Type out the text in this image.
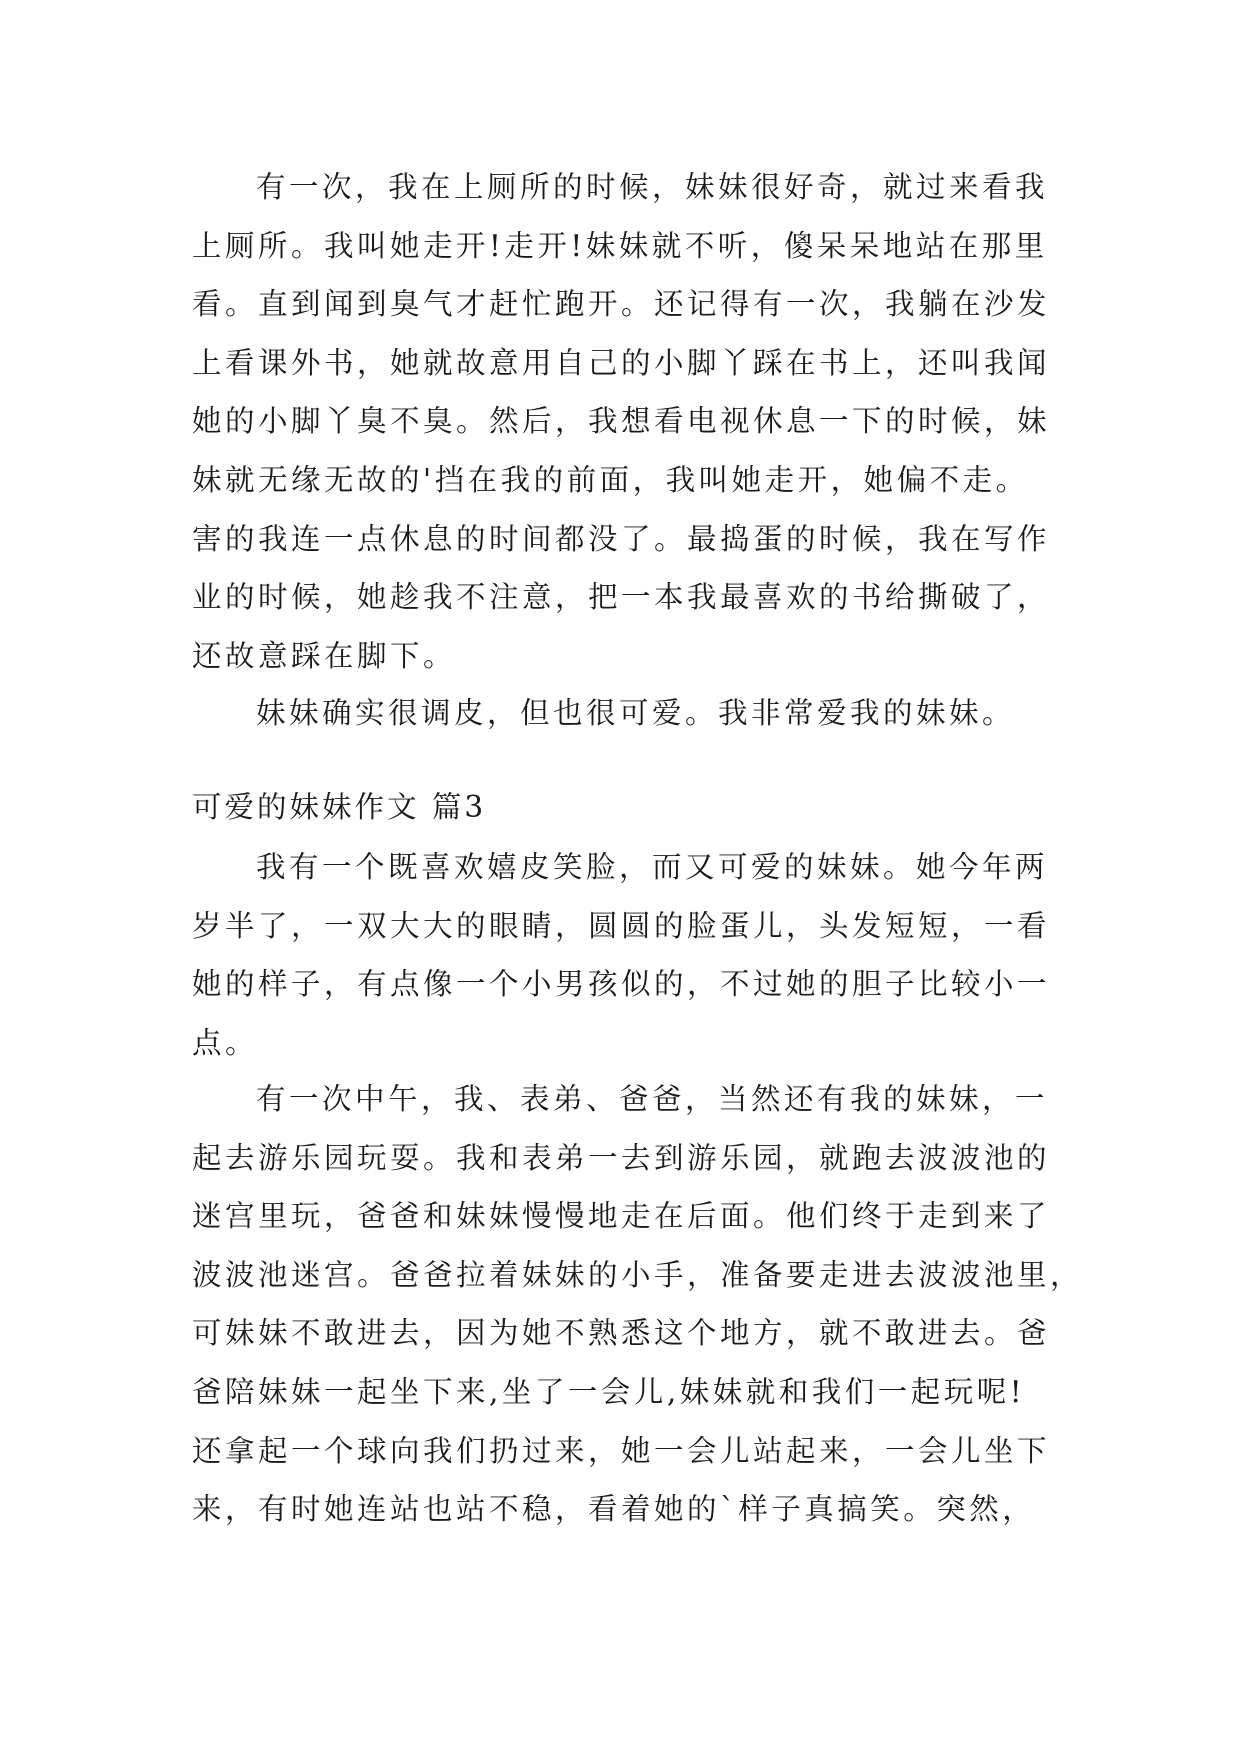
有一次，我在上厕所的时候，妹妹很好奇，就过来看我
上厕所。我叫她走开!走开!妹妹就不听，傻呆呆地站在那里
看。直到闻到臭气才赶忙跑开。还记得有一次，我躺在沙发
上看课外书，她就故意用自己的小脚丫踩在书上，还叫我闻
她的小脚丫臭不臭。然后，我想看电视休息一下的时候，妹
妹就无缘无故的'挡在我的前面，我叫她走开，她偏不走。
害的我连一点休息的时间都没了。最捣蛋的时候，我在写作
业的时候，她趁我不注意，把一本我最喜欢的书给撕破了，
还故意踩在脚下。
妹妹确实很调皮，但也很可爱。我非常爱我的妹妹。
可爱的妹妹作文 篇3
我有一个既喜欢嬉皮笑脸，而又可爱的妹妹。她今年两
岁半了，一双大大的眼睛，圆圆的脸蛋儿，头发短短，一看
她的样子，有点像一个小男孩似的，不过她的胆子比较小一
点。
有一次中午，我、表弟、爸爸，当然还有我的妹妹，一
起去游乐园玩耍。我和表弟一去到游乐园，就跑去波波池的
迷宫里玩，爸爸和妹妹慢慢地走在后面。他们终于走到来了
波波池迷宫。爸爸拉着妹妹的小手，准备要走进去波波池里，
可妹妹不敢进去，因为她不熟悉这个地方，就不敢进去。爸
爸陪妹妹一起坐下来,坐了一会儿,妹妹就和我们一起玩呢!
还拿起一个球向我们扔过来，她一会儿站起来，一会儿坐下
来，有时她连站也站不稳，看着她的`样子真搞笑。突然，
